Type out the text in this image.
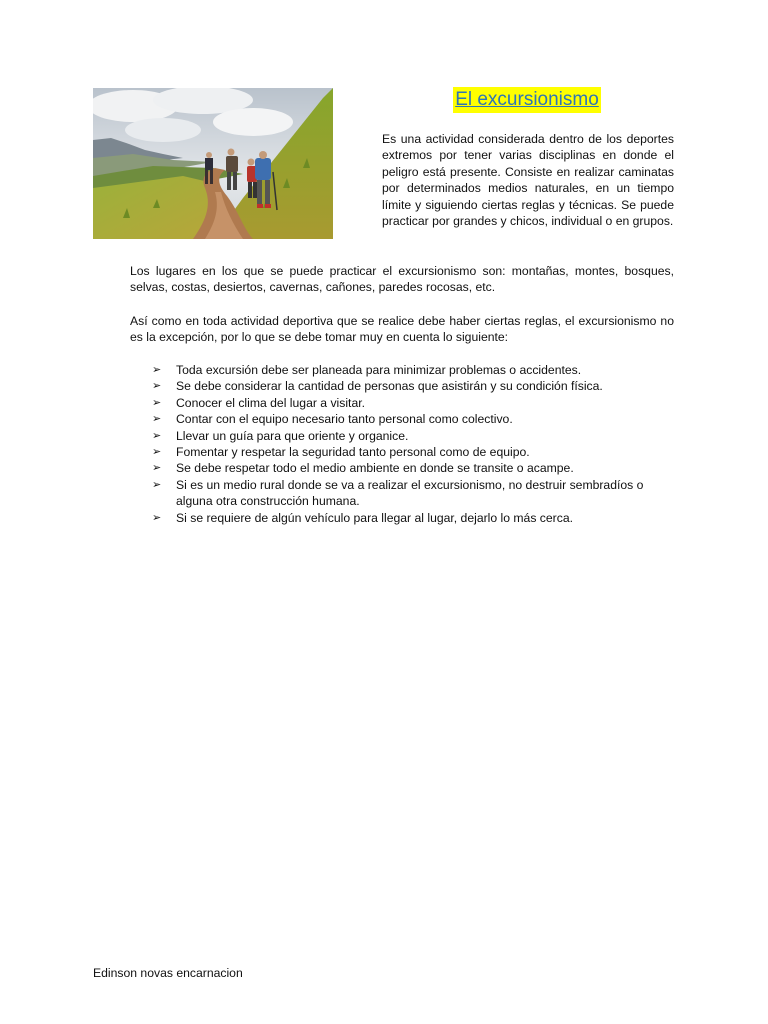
El excursionismo

Es una actividad considerada dentro de los deportes extremos por tener varias disciplinas en donde el peligro está presente. Consiste en realizar caminatas por determinados medios naturales, en un tiempo límite y siguiendo ciertas reglas y técnicas. Se puede practicar por grandes y chicos, individual o en grupos.

Los lugares en los que se puede practicar el excursionismo son: montañas, montes, bosques, selvas, costas, desiertos, cavernas, cañones, paredes rocosas, etc.

Así como en toda actividad deportiva que se realice debe haber ciertas reglas, el excursionismo no es la excepción, por lo que se debe tomar muy en cuenta lo siguiente:

➢	Toda excursión debe ser planeada para minimizar problemas o accidentes.
➢	Se debe considerar la cantidad de personas que asistirán y su condición física.
➢	Conocer el clima del lugar a visitar.
➢	Contar con el equipo necesario tanto personal como colectivo.
➢	Llevar un guía para que oriente y organice.
➢	Fomentar y respetar la seguridad tanto personal como de equipo.
➢	Se debe respetar todo el medio ambiente en donde se transite o acampe.
➢	Si es un medio rural donde se va a realizar el excursionismo, no destruir sembradíos o alguna otra construcción humana.
➢	Si se requiere de algún vehículo para llegar al lugar, dejarlo lo más cerca.
Edinson novas encarnacion
